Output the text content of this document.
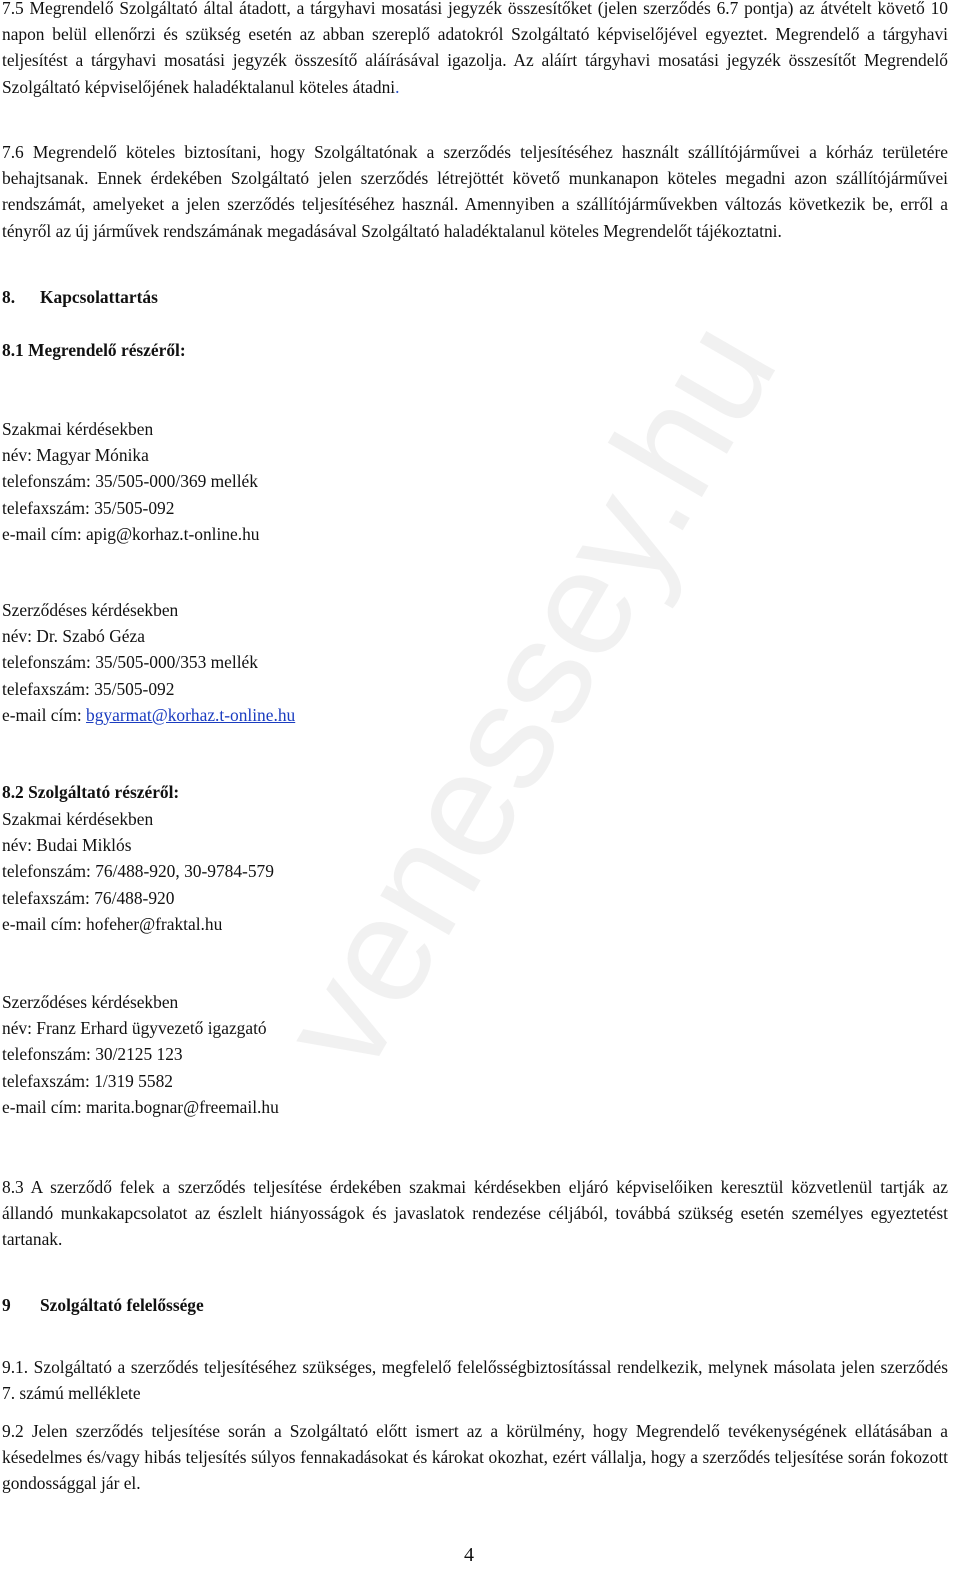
venessey.hu

7.5 Megrendelő Szolgáltató által átadott, a tárgyhavi mosatási jegyzék összesítőket (jelen szerződés 6.7 pontja) az átvételt követő 10 napon belül ellenőrzi és szükség esetén az abban szereplő adatokról Szolgáltató képviselőjével egyeztet. Megrendelő a tárgyhavi teljesítést a tárgyhavi mosatási jegyzék összesítő aláírásával igazolja. Az aláírt tárgyhavi mosatási jegyzék összesítőt Megrendelő Szolgáltató képviselőjének haladéktalanul köteles átadni.

7.6 Megrendelő köteles biztosítani, hogy Szolgáltatónak a szerződés teljesítéséhez használt szállítójárművei a kórház területére behajtsanak. Ennek érdekében Szolgáltató jelen szerződés létrejöttét követő munkanapon köteles megadni azon szállítójárművei rendszámát, amelyeket a jelen szerződés teljesítéséhez használ. Amennyiben a szállítójárművekben változás következik be, erről a tényről az új járművek rendszámának megadásával Szolgáltató haladéktalanul köteles Megrendelőt tájékoztatni.

8. Kapcsolattartás
8.1 Megrendelő részéről:
Szakmai kérdésekben
név: Magyar Mónika
telefonszám: 35/505-000/369 mellék
telefaxszám: 35/505-092
e-mail cím: apig@korhaz.t-online.hu
Szerződéses kérdésekben
név: Dr. Szabó Géza
telefonszám: 35/505-000/353 mellék
telefaxszám: 35/505-092
e-mail cím: bgyarmat@korhaz.t-online.hu
8.2 Szolgáltató részéről:
Szakmai kérdésekben
név: Budai Miklós
telefonszám: 76/488-920, 30-9784-579
telefaxszám: 76/488-920
e-mail cím: hofeher@fraktal.hu
Szerződéses kérdésekben
név: Franz Erhard ügyvezető igazgató
telefonszám: 30/2125 123
telefaxszám: 1/319 5582
e-mail cím: marita.bognar@freemail.hu

8.3 A szerződő felek a szerződés teljesítése érdekében szakmai kérdésekben eljáró képviselőiken keresztül közvetlenül tartják az állandó munkakapcsolatot az észlelt hiányosságok és javaslatok rendezése céljából, továbbá szükség esetén személyes egyeztetést tartanak.

9 Szolgáltató felelőssége

9.1. Szolgáltató a szerződés teljesítéséhez szükséges, megfelelő felelősségbiztosítással rendelkezik, melynek másolata jelen szerződés 7. számú melléklete

9.2 Jelen szerződés teljesítése során a Szolgáltató előtt ismert az a körülmény, hogy Megrendelő tevékenységének ellátásában a késedelmes és/vagy hibás teljesítés súlyos fennakadásokat és károkat okozhat, ezért vállalja, hogy a szerződés teljesítése során fokozott gondossággal jár el.

4
